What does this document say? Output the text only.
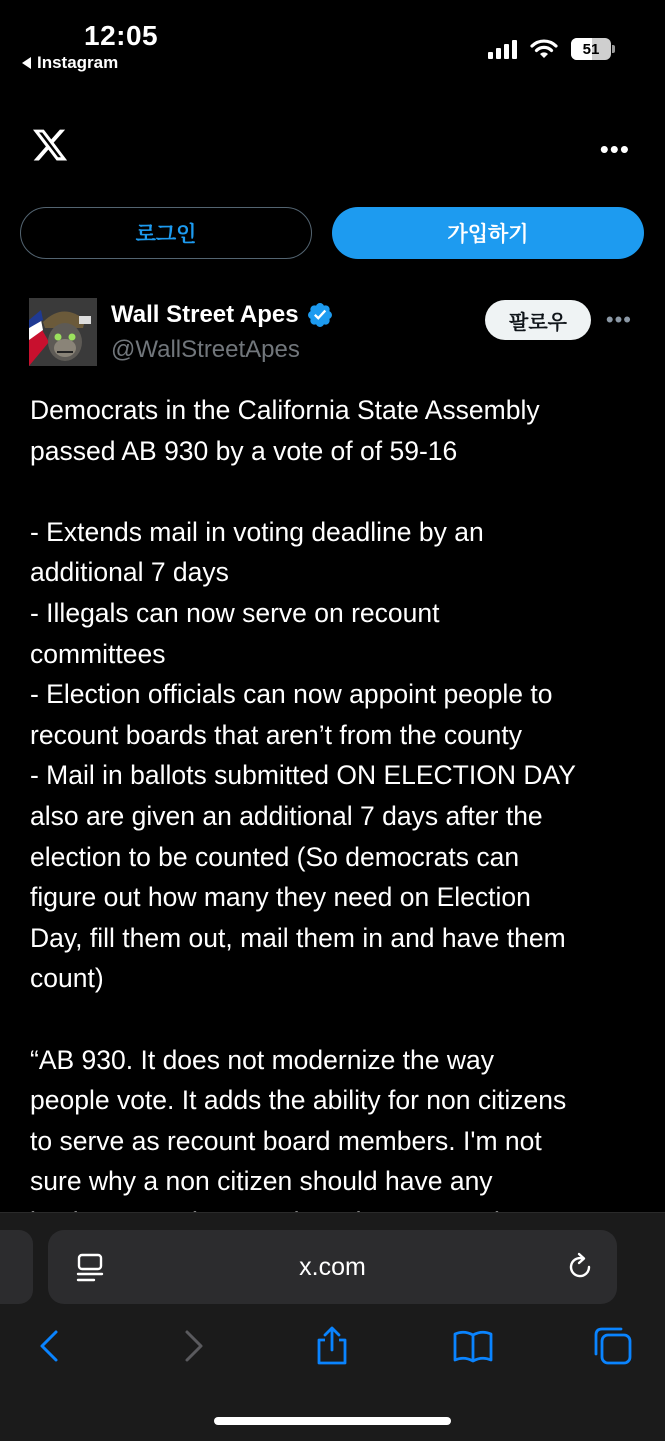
12:05
Instagram
51
•••
로그인	가입하기
Wall Street Apes
@WallStreetApes
팔로우	•••

Democrats in the California State Assembly

passed AB 930 by a vote of of 59-16

- Extends mail in voting deadline by an

additional 7 days

- Illegals can now serve on recount

committees

- Election officials can now appoint people to

recount boards that aren’t from the county

- Mail in ballots submitted ON ELECTION DAY

also are given an additional 7 days after the

election to be counted (So democrats can

figure out how many they need on Election

Day, fill them out, mail them in and have them

count)

“AB 930. It does not modernize the way

people vote. It adds the ability for non citizens

to serve as recount board members. I'm not

sure why a non citizen should have any

x.com
